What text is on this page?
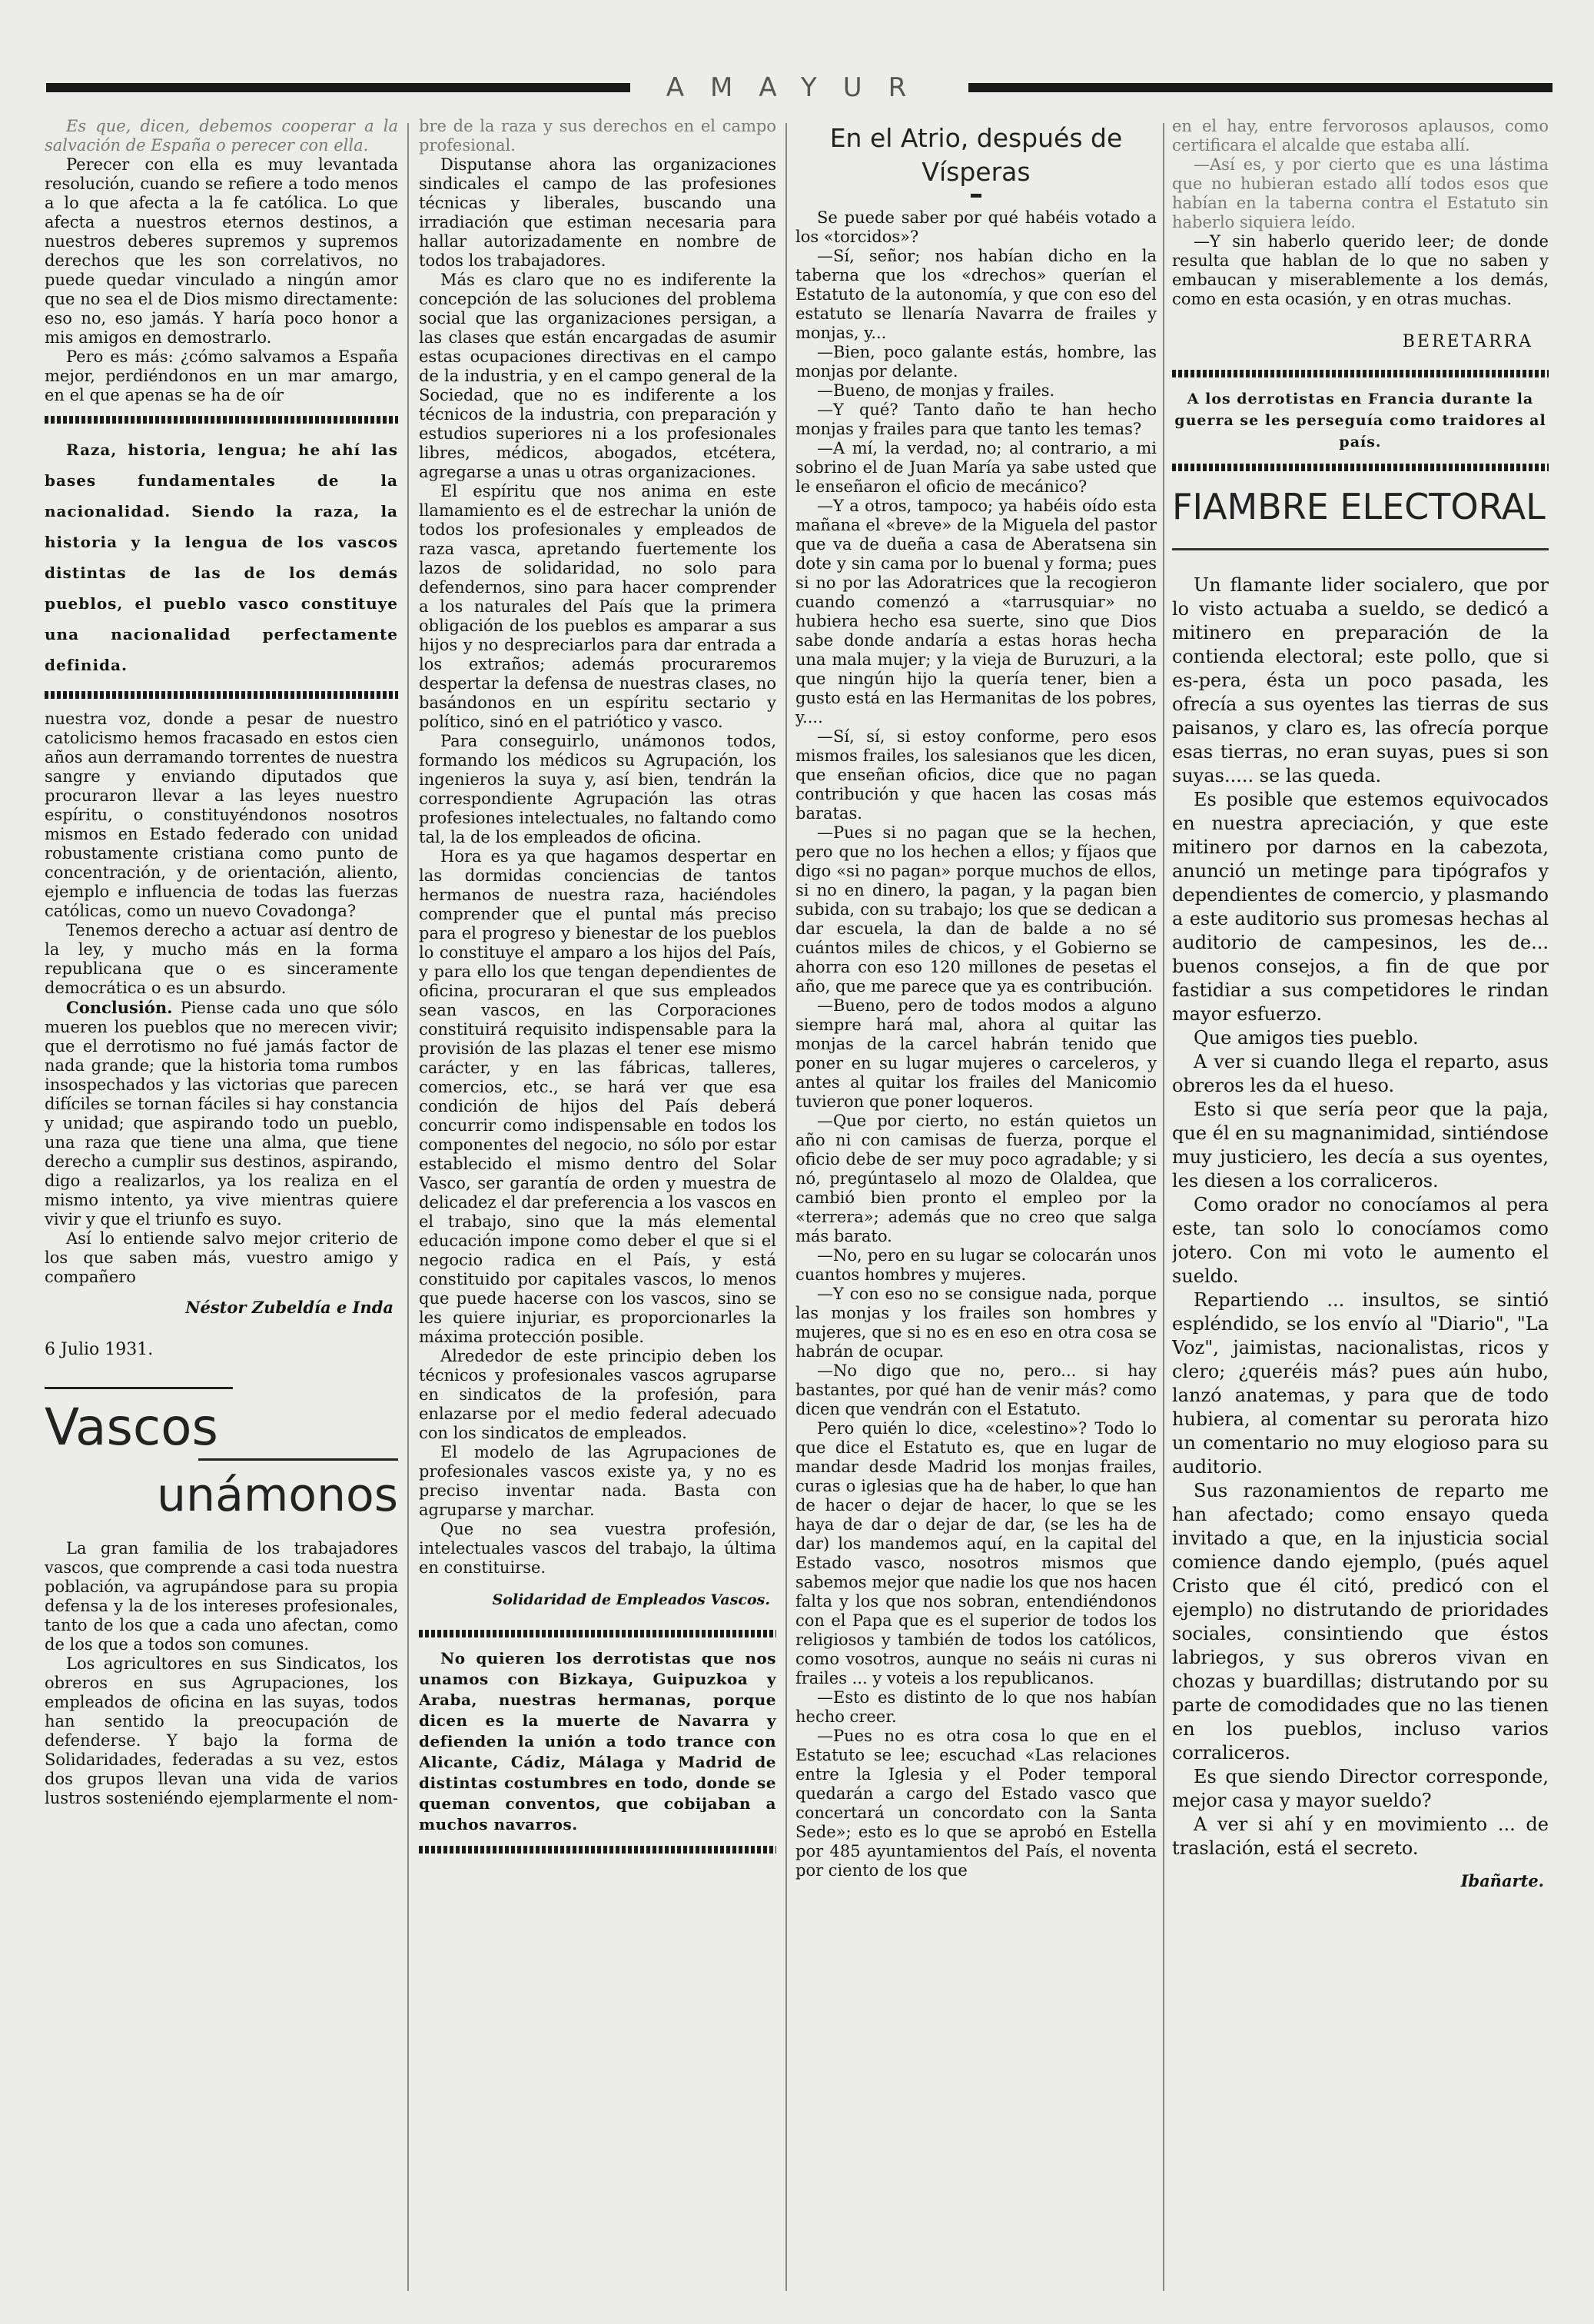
AMAYUR

Es que, dicen, debemos cooperar a la salvación de España o perecer con ella.

Perecer con ella es muy levantada resolución, cuando se refiere a todo menos a lo que afecta a la fe católica. Lo que afecta a nuestros eternos destinos, a nuestros deberes supremos y supremos derechos que les son correlativos, no puede quedar vinculado a ningún amor que no sea el de Dios mismo directamente: eso no, eso jamás. Y haría poco honor a mis amigos en demostrarlo.

Pero es más: ¿cómo salvamos a España mejor, perdiéndonos en un mar amargo, en el que apenas se ha de oír

Raza, historia, lengua; he ahí las bases fundamentales de la nacionalidad. Siendo la raza, la historia y la lengua de los vascos distintas de las de los demás pueblos, el pueblo vasco constituye una nacionalidad perfectamente definida.

nuestra voz, donde a pesar de nuestro catolicismo hemos fracasado en estos cien años aun derramando torrentes de nuestra sangre y enviando diputados que procuraron llevar a las leyes nuestro espíritu, o constituyéndonos nosotros mismos en Estado federado con unidad robustamente cristiana como punto de concentración, y de orientación, aliento, ejemplo e influencia de todas las fuerzas católicas, como un nuevo Covadonga?

Tenemos derecho a actuar así dentro de la ley, y mucho más en la forma republicana que o es sinceramente democrática o es un absurdo.

Conclusión. Piense cada uno que sólo mueren los pueblos que no merecen vivir; que el derrotismo no fué jamás factor de nada grande; que la historia toma rumbos insospechados y las victorias que parecen difíciles se tornan fáciles si hay constancia y unidad; que aspirando todo un pueblo, una raza que tiene una alma, que tiene derecho a cumplir sus destinos, aspirando, digo a realizarlos, ya los realiza en el mismo intento, ya vive mientras quiere vivir y que el triunfo es suyo.

Así lo entiende salvo mejor criterio de los que saben más, vuestro amigo y compañero

Néstor Zubeldía e Inda
6 Julio 1931.
Vascos
unámonos

La gran familia de los trabajadores vascos, que comprende a casi toda nuestra población, va agrupándose para su propia defensa y la de los intereses profesionales, tanto de los que a cada uno afectan, como de los que a todos son comunes.

Los agricultores en sus Sindicatos, los obreros en sus Agrupaciones, los empleados de oficina en las suyas, todos han sentido la preocupación de defenderse. Y bajo la forma de Solidaridades, federadas a su vez, estos dos grupos llevan una vida de varios lustros sosteniéndo ejemplarmente el nom-

bre de la raza y sus derechos en el campo profesional.

Disputanse ahora las organizaciones sindicales el campo de las profesiones técnicas y liberales, buscando una irradiación que estiman necesaria para hallar autorizadamente en nombre de todos los trabajadores.

Más es claro que no es indiferente la concepción de las soluciones del problema social que las organizaciones persigan, a las clases que están encargadas de asumir estas ocupaciones directivas en el campo de la industria, y en el campo general de la Sociedad, que no es indiferente a los técnicos de la industria, con preparación y estudios superiores ni a los profesionales libres, médicos, abogados, etcétera, agregarse a unas u otras organizaciones.

El espíritu que nos anima en este llamamiento es el de estrechar la unión de todos los profesionales y empleados de raza vasca, apretando fuertemente los lazos de solidaridad, no solo para defendernos, sino para hacer comprender a los naturales del País que la primera obligación de los pueblos es amparar a sus hijos y no despreciarlos para dar entrada a los extraños; además procuraremos despertar la defensa de nuestras clases, no basándonos en un espíritu sectario y político, sinó en el patriótico y vasco.

Para conseguirlo, unámonos todos, formando los médicos su Agrupación, los ingenieros la suya y, así bien, tendrán la correspondiente Agrupación las otras profesiones intelectuales, no faltando como tal, la de los empleados de oficina.

Hora es ya que hagamos despertar en las dormidas conciencias de tantos hermanos de nuestra raza, haciéndoles comprender que el puntal más preciso para el progreso y bienestar de los pueblos lo constituye el amparo a los hijos del País, y para ello los que tengan dependientes de oficina, procuraran el que sus empleados sean vascos, en las Corporaciones constituirá requisito indispensable para la provisión de las plazas el tener ese mismo carácter, y en las fábricas, talleres, comercios, etc., se hará ver que esa condición de hijos del País deberá concurrir como indispensable en todos los componentes del negocio, no sólo por estar establecido el mismo dentro del Solar Vasco, ser garantía de orden y muestra de delicadez el dar preferencia a los vascos en el trabajo, sino que la más elemental educación impone como deber el que si el negocio radica en el País, y está constituido por capitales vascos, lo menos que puede hacerse con los vascos, sino se les quiere injuriar, es proporcionarles la máxima protección posible.

Alrededor de este principio deben los técnicos y profesionales vascos agruparse en sindicatos de la profesión, para enlazarse por el medio federal adecuado con los sindicatos de empleados.

El modelo de las Agrupaciones de profesionales vascos existe ya, y no es preciso inventar nada. Basta con agruparse y marchar.

Que no sea vuestra profesión, intelectuales vascos del trabajo, la última en constituirse.

Solidaridad de Empleados Vascos.

No quieren los derrotistas que nos unamos con Bizkaya, Guipuzkoa y Araba, nuestras hermanas, porque dicen es la muerte de Navarra y defienden la unión a todo trance con Alicante, Cádiz, Málaga y Madrid de distintas costumbres en todo, donde se queman conventos, que cobijaban a muchos navarros.

En el Atrio, después de Vísperas

Se puede saber por qué habéis votado a los «torcidos»?

—Sí, señor; nos habían dicho en la taberna que los «drechos» querían el Estatuto de la autonomía, y que con eso del estatuto se llenaría Navarra de frailes y monjas, y...

—Bien, poco galante estás, hombre, las monjas por delante.

—Bueno, de monjas y frailes.

—Y qué? Tanto daño te han hecho monjas y frailes para que tanto les temas?

—A mí, la verdad, no; al contrario, a mi sobrino el de Juan María ya sabe usted que le enseñaron el oficio de mecánico?

—Y a otros, tampoco; ya habéis oído esta mañana el «breve» de la Miguela del pastor que va de dueña a casa de Aberatsena sin dote y sin cama por lo buenal y forma; pues si no por las Adoratrices que la recogieron cuando comenzó a «tarrusquiar» no hubiera hecho esa suerte, sino que Dios sabe donde andaría a estas horas hecha una mala mujer; y la vieja de Buruzuri, a la que ningún hijo la quería tener, bien a gusto está en las Hermanitas de los pobres, y....

—Sí, sí, si estoy conforme, pero esos mismos frailes, los salesianos que les dicen, que enseñan oficios, dice que no pagan contribución y que hacen las cosas más baratas.

—Pues si no pagan que se la hechen, pero que no los hechen a ellos; y fíjaos que digo «si no pagan» porque muchos de ellos, si no en dinero, la pagan, y la pagan bien subida, con su trabajo; los que se dedican a dar escuela, la dan de balde a no sé cuántos miles de chicos, y el Gobierno se ahorra con eso 120 millones de pesetas el año, que me parece que ya es contribución.

—Bueno, pero de todos modos a alguno siempre hará mal, ahora al quitar las monjas de la carcel habrán tenido que poner en su lugar mujeres o carceleros, y antes al quitar los frailes del Manicomio tuvieron que poner loqueros.

—Que por cierto, no están quietos un año ni con camisas de fuerza, porque el oficio debe de ser muy poco agradable; y si nó, pregúntaselo al mozo de Olaldea, que cambió bien pronto el empleo por la «terrera»; además que no creo que salga más barato.

—No, pero en su lugar se colocarán unos cuantos hombres y mujeres.

—Y con eso no se consigue nada, porque las monjas y los frailes son hombres y mujeres, que si no es en eso en otra cosa se habrán de ocupar.

—No digo que no, pero... si hay bastantes, por qué han de venir más? como dicen que vendrán con el Estatuto.

Pero quién lo dice, «celestino»? Todo lo que dice el Estatuto es, que en lugar de mandar desde Madrid los monjas frailes, curas o iglesias que ha de haber, lo que han de hacer o dejar de hacer, lo que se les haya de dar o dejar de dar, (se les ha de dar) los mandemos aquí, en la capital del Estado vasco, nosotros mismos que sabemos mejor que nadie los que nos hacen falta y los que nos sobran, entendiéndonos con el Papa que es el superior de todos los religiosos y también de todos los católicos, como vosotros, aunque no seáis ni curas ni frailes ... y voteis a los republicanos.

—Esto es distinto de lo que nos habían hecho creer.

—Pues no es otra cosa lo que en el Estatuto se lee; escuchad «Las relaciones entre la Iglesia y el Poder temporal quedarán a cargo del Estado vasco que concertará un concordato con la Santa Sede»; esto es lo que se aprobó en Estella por 485 ayuntamientos del País, el noventa por ciento de los que

en el hay, entre fervorosos aplausos, como certificara el alcalde que estaba allí.

—Así es, y por cierto que es una lástima que no hubieran estado allí todos esos que habían en la taberna contra el Estatuto sin haberlo siquiera leído.

—Y sin haberlo querido leer; de donde resulta que hablan de lo que no saben y embaucan y miserablemente a los demás, como en esta ocasión, y en otras muchas.

BERETARRA

A los derrotistas en Francia durante la guerra se les perseguía como traidores al país.

FIAMBRE ELECTORAL

Un flamante lider socialero, que por lo visto actuaba a sueldo, se dedicó a mitinero en preparación de la contienda electoral; este pollo, que si es-pera, ésta un poco pasada, les ofrecía a sus oyentes las tierras de sus paisanos, y claro es, las ofrecía porque esas tierras, no eran suyas, pues si son suyas..... se las queda.

Es posible que estemos equivocados en nuestra apreciación, y que este mitinero por darnos en la cabezota, anunció un metinge para tipógrafos y dependientes de comercio, y plasmando a este auditorio sus promesas hechas al auditorio de campesinos, les de... buenos consejos, a fin de que por fastidiar a sus competidores le rindan mayor esfuerzo.

Que amigos ties pueblo.

A ver si cuando llega el reparto, asus obreros les da el hueso.

Esto si que sería peor que la paja, que él en su magnanimidad, sintiéndose muy justiciero, les decía a sus oyentes, les diesen a los corraliceros.

Como orador no conocíamos al pera este, tan solo lo conocíamos como jotero. Con mi voto le aumento el sueldo.

Repartiendo ... insultos, se sintió espléndido, se los envío al "Diario", "La Voz", jaimistas, nacionalistas, ricos y clero; ¿queréis más? pues aún hubo, lanzó anatemas, y para que de todo hubiera, al comentar su perorata hizo un comentario no muy elogioso para su auditorio.

Sus razonamientos de reparto me han afectado; como ensayo queda invitado a que, en la injusticia social comience dando ejemplo, (pués aquel Cristo que él citó, predicó con el ejemplo) no distrutando de prioridades sociales, consintiendo que éstos labriegos, y sus obreros vivan en chozas y buardillas; distrutando por su parte de comodidades que no las tienen en los pueblos, incluso varios corraliceros.

Es que siendo Director corresponde, mejor casa y mayor sueldo?

A ver si ahí y en movimiento ... de traslación, está el secreto.

Ibañarte.
